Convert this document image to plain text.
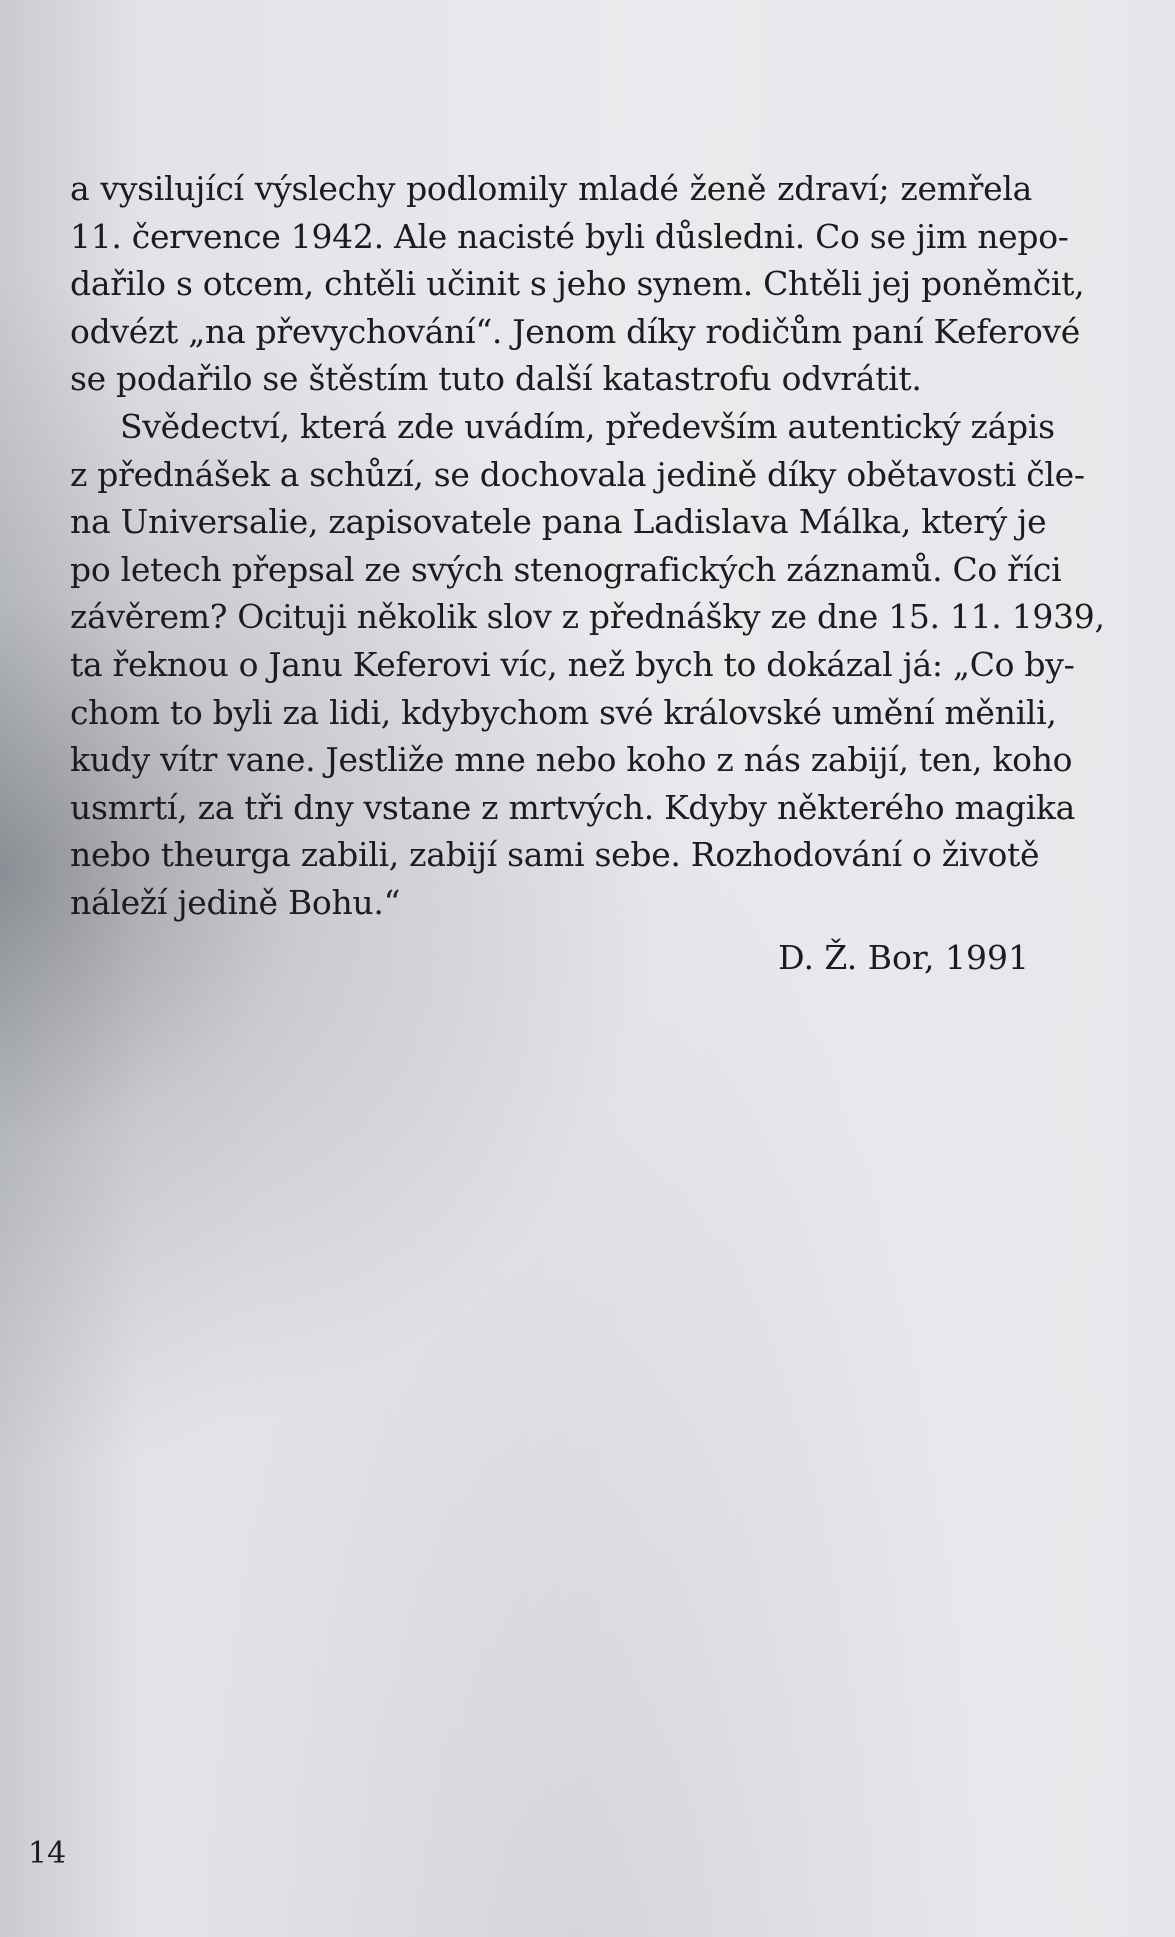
a vysilující výslechy podlomily mladé ženě zdraví; zemřela
11. července 1942. Ale nacisté byli důsledni. Co se jim nepo-
dařilo s otcem, chtěli učinit s jeho synem. Chtěli jej poněmčit,
odvézt „na převychování“. Jenom díky rodičům paní Keferové
se podařilo se štěstím tuto další katastrofu odvrátit.
Svědectví, která zde uvádím, především autentický zápis
z přednášek a schůzí, se dochovala jedině díky obětavosti čle-
na Universalie, zapisovatele pana Ladislava Málka, který je
po letech přepsal ze svých stenografických záznamů. Co říci
závěrem? Ocituji několik slov z přednášky ze dne 15. 11. 1939,
ta řeknou o Janu Keferovi víc, než bych to dokázal já: „Co by-
chom to byli za lidi, kdybychom své královské umění měnili,
kudy vítr vane. Jestliže mne nebo koho z nás zabijí, ten, koho
usmrtí, za tři dny vstane z mrtvých. Kdyby některého magika
nebo theurga zabili, zabijí sami sebe. Rozhodování o životě
náleží jedině Bohu.“
D. Ž. Bor, 1991
14
